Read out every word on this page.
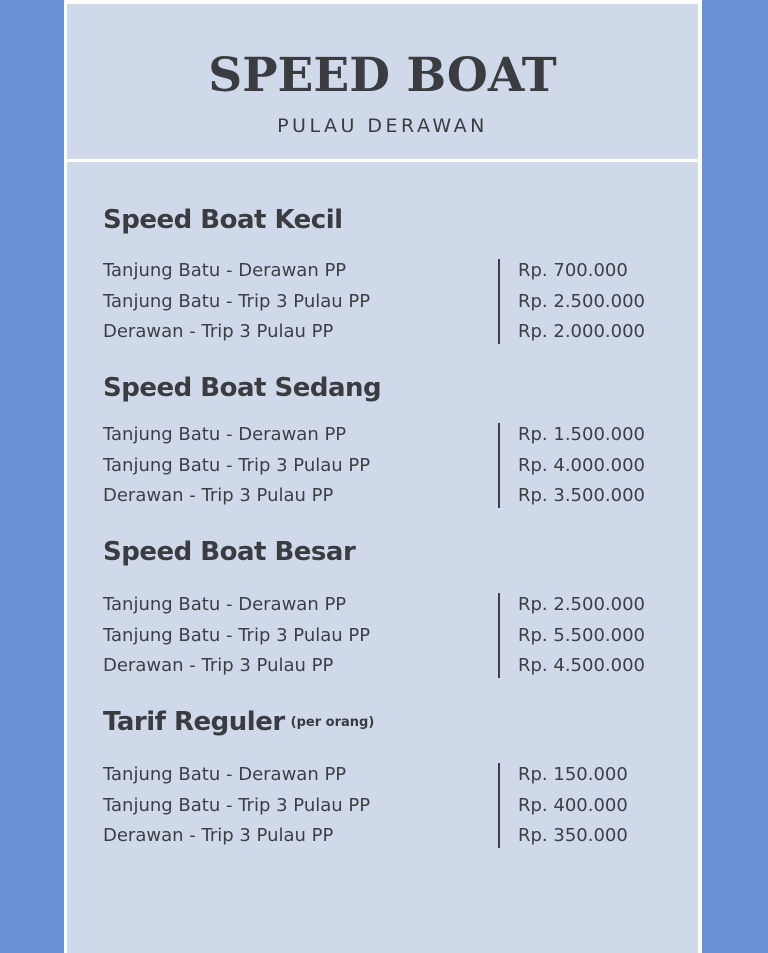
SPEED BOAT
PULAU DERAWAN
Speed Boat Kecil
Tanjung Batu - Derawan PP	Rp. 700.000
Tanjung Batu - Trip 3 Pulau PP	Rp. 2.500.000
Derawan - Trip 3 Pulau PP	Rp. 2.000.000
Speed Boat Sedang
Tanjung Batu - Derawan PP	Rp. 1.500.000
Tanjung Batu - Trip 3 Pulau PP	Rp. 4.000.000
Derawan - Trip 3 Pulau PP	Rp. 3.500.000
Speed Boat Besar
Tanjung Batu - Derawan PP	Rp. 2.500.000
Tanjung Batu - Trip 3 Pulau PP	Rp. 5.500.000
Derawan - Trip 3 Pulau PP	Rp. 4.500.000
Tarif Reguler (per orang)
Tanjung Batu - Derawan PP	Rp. 150.000
Tanjung Batu - Trip 3 Pulau PP	Rp. 400.000
Derawan - Trip 3 Pulau PP	Rp. 350.000
